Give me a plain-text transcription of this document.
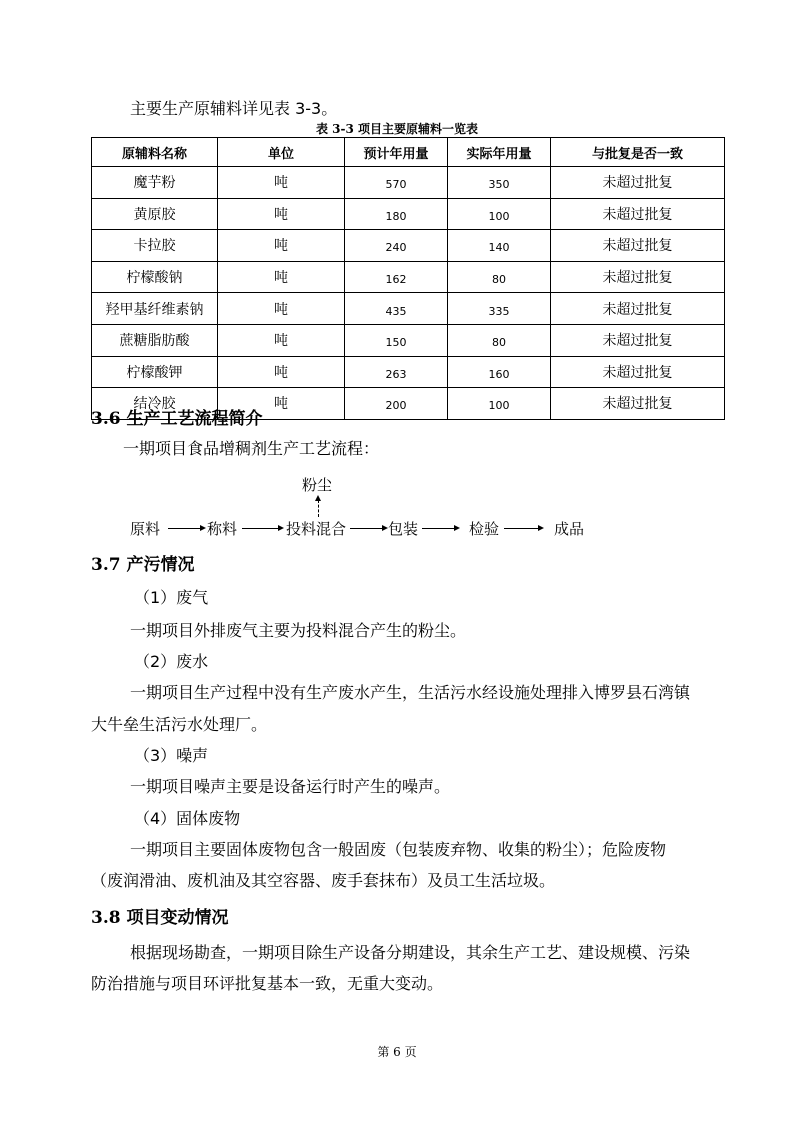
主要生产原辅料详见表 3-3。
表 3-3 项目主要原辅料一览表
原辅料名称	单位	预计年用量	实际年用量	与批复是否一致
魔芋粉	吨	570	350	未超过批复
黄原胶	吨	180	100	未超过批复
卡拉胶	吨	240	140	未超过批复
柠檬酸钠	吨	162	80	未超过批复
羟甲基纤维素钠	吨	435	335	未超过批复
蔗糖脂肪酸	吨	150	80	未超过批复
柠檬酸钾	吨	263	160	未超过批复
结冷胶	吨	200	100	未超过批复
3.6 生产工艺流程简介
一期项目食品增稠剂生产工艺流程：
粉尘
原料	称料	投料混合	包装	检验	成品
3.7 产污情况
（1）废气
一期项目外排废气主要为投料混合产生的粉尘。
（2）废水
一期项目生产过程中没有生产废水产生，生活污水经设施处理排入博罗县石湾镇
大牛垒生活污水处理厂。
（3）噪声
一期项目噪声主要是设备运行时产生的噪声。
（4）固体废物
一期项目主要固体废物包含一般固废（包装废弃物、收集的粉尘）；危险废物
（废润滑油、废机油及其空容器、废手套抹布）及员工生活垃圾。
3.8 项目变动情况
根据现场勘查，一期项目除生产设备分期建设，其余生产工艺、建设规模、污染
防治措施与项目环评批复基本一致，无重大变动。
第 6 页
